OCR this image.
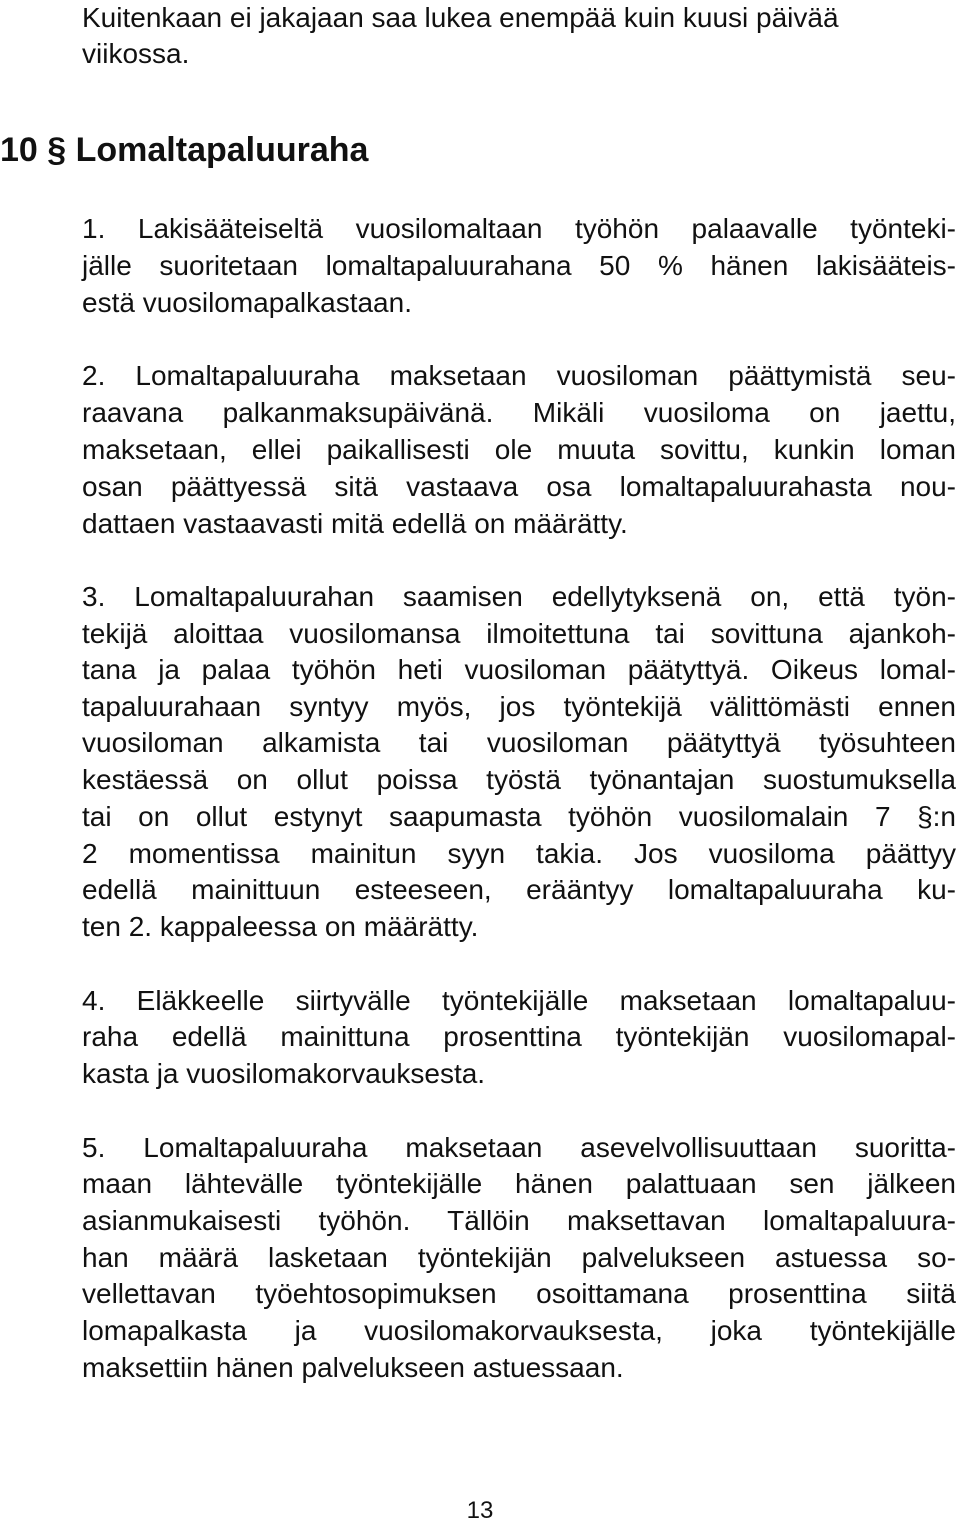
Kuitenkaan ei jakajaan saa lukea enempää kuin kuusi päivää

viikossa.

10 § Lomaltapaluuraha

1. Lakisääteiseltä vuosilomaltaan työhön palaavalle työnteki-

jälle suoritetaan lomaltapaluurahana 50 % hänen lakisääteis-

estä vuosilomapalkastaan.

2. Lomaltapaluuraha maksetaan vuosiloman päättymistä seu-

raavana palkanmaksupäivänä. Mikäli vuosiloma on jaettu,

maksetaan, ellei paikallisesti ole muuta sovittu, kunkin loman

osan päättyessä sitä vastaava osa lomaltapaluurahasta nou-

dattaen vastaavasti mitä edellä on määrätty.

3. Lomaltapaluurahan saamisen edellytyksenä on, että työn-

tekijä aloittaa vuosilomansa ilmoitettuna tai sovittuna ajankoh-

tana ja palaa työhön heti vuosiloman päätyttyä. Oikeus lomal-

tapaluurahaan syntyy myös, jos työntekijä välittömästi ennen

vuosiloman alkamista tai vuosiloman päätyttyä työsuhteen

kestäessä on ollut poissa työstä työnantajan suostumuksella

tai on ollut estynyt saapumasta työhön vuosilomalain 7 §:n

2 momentissa mainitun syyn takia. Jos vuosiloma päättyy

edellä mainittuun esteeseen, erääntyy lomaltapaluuraha ku-

ten 2. kappaleessa on määrätty.

4. Eläkkeelle siirtyvälle työntekijälle maksetaan lomaltapaluu-

raha edellä mainittuna prosenttina työntekijän vuosilomapal-

kasta ja vuosilomakorvauksesta.

5. Lomaltapaluuraha maksetaan asevelvollisuuttaan suoritta-

maan lähtevälle työntekijälle hänen palattuaan sen jälkeen

asianmukaisesti työhön. Tällöin maksettavan lomaltapaluura-

han määrä lasketaan työntekijän palvelukseen astuessa so-

vellettavan työehtosopimuksen osoittamana prosenttina siitä

lomapalkasta ja vuosilomakorvauksesta, joka työntekijälle

maksettiin hänen palvelukseen astuessaan.

13
